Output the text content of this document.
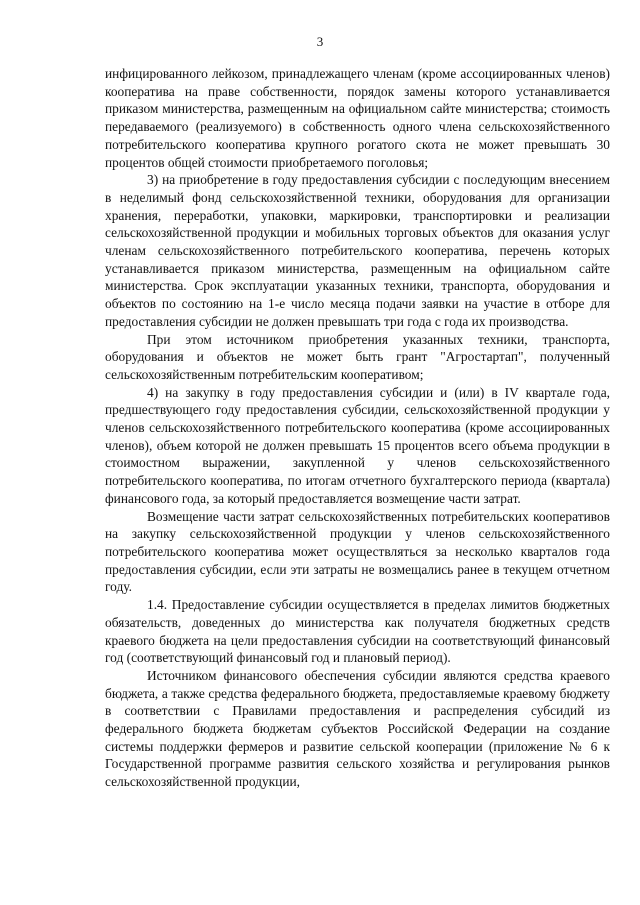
3

инфицированного лейкозом, принадлежащего членам (кроме ассоциированных членов) кооператива на праве собственности, порядок замены которого устанавливается приказом министерства, размещенным на официальном сайте министерства; стоимость передаваемого (реализуемого) в собственность одного члена сельскохозяйственного потребительского кооператива крупного рогатого скота не может превышать 30 процентов общей стоимости приобретаемого поголовья;

3) на приобретение в году предоставления субсидии с последующим внесением в неделимый фонд сельскохозяйственной техники, оборудования для организации хранения, переработки, упаковки, маркировки, транспортировки и реализации сельскохозяйственной продукции и мобильных торговых объектов для оказания услуг членам сельскохозяйственного потребительского кооператива, перечень которых устанавливается приказом министерства, размещенным на официальном сайте министерства. Срок эксплуатации указанных техники, транспорта, оборудования и объектов по состоянию на 1-е число месяца подачи заявки на участие в отборе для предоставления субсидии не должен превышать три года с года их производства.

При этом источником приобретения указанных техники, транспорта, оборудования и объектов не может быть грант "Агростартап", полученный сельскохозяйственным потребительским кооперативом;

4) на закупку в году предоставления субсидии и (или) в IV квартале года, предшествующего году предоставления субсидии, сельскохозяйственной продукции у членов сельскохозяйственного потребительского кооператива (кроме ассоциированных членов), объем которой не должен превышать 15 процентов всего объема продукции в стоимостном выражении, закупленной у членов сельскохозяйственного потребительского кооператива, по итогам отчетного бухгалтерского периода (квартала) финансового года, за который предоставляется возмещение части затрат.

Возмещение части затрат сельскохозяйственных потребительских кооперативов на закупку сельскохозяйственной продукции у членов сельскохозяйственного потребительского кооператива может осуществляться за несколько кварталов года предоставления субсидии, если эти затраты не возмещались ранее в текущем отчетном году.

1.4. Предоставление субсидии осуществляется в пределах лимитов бюджетных обязательств, доведенных до министерства как получателя бюджетных средств краевого бюджета на цели предоставления субсидии на соответствующий финансовый год (соответствующий финансовый год и плановый период).

Источником финансового обеспечения субсидии являются средства краевого бюджета, а также средства федерального бюджета, предоставляемые краевому бюджету в соответствии с Правилами предоставления и распределения субсидий из федерального бюджета бюджетам субъектов Российской Федерации на создание системы поддержки фермеров и развитие сельской кооперации (приложение № 6 к Государственной программе развития сельского хозяйства и регулирования рынков сельскохозяйственной продукции,
